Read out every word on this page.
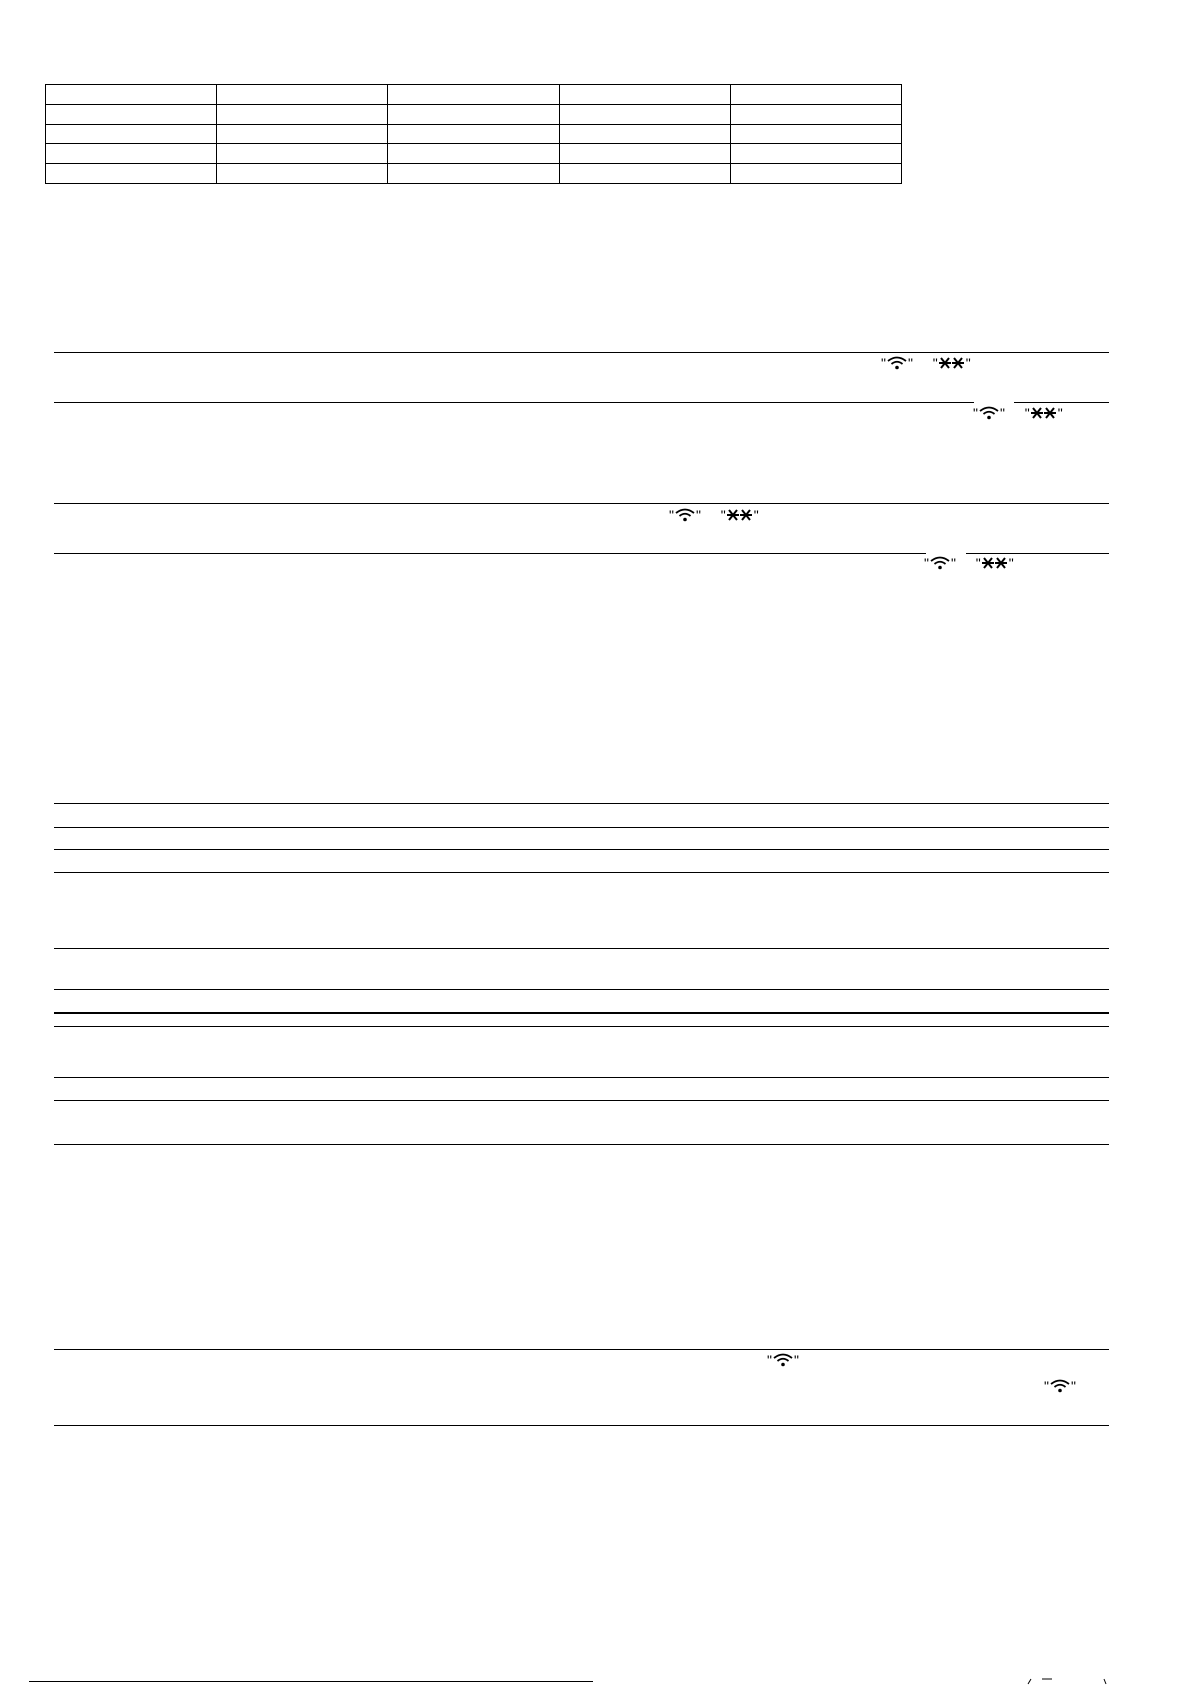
" " " "
" " " "
" " " "
" " " "
" "
" "
